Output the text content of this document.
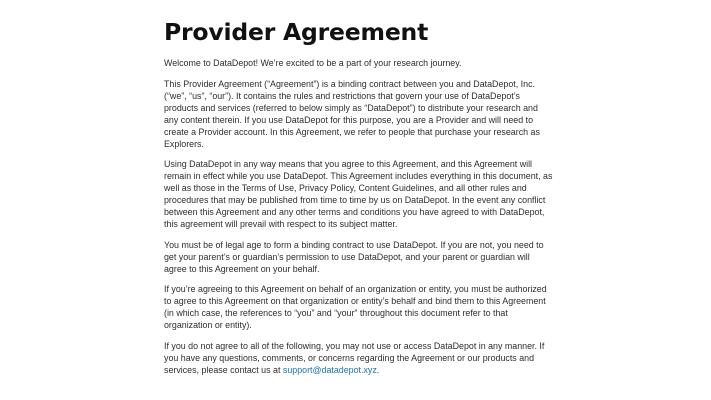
Provider Agreement

Welcome to DataDepot! We’re excited to be a part of your research journey.

This Provider Agreement (“Agreement”) is a binding contract between you and DataDepot, Inc. (“we”, “us”, “our”). It contains the rules and restrictions that govern your use of DataDepot’s products and services (referred to below simply as “DataDepot”) to distribute your research and any content therein. If you use DataDepot for this purpose, you are a Provider and will need to create a Provider account. In this Agreement, we refer to people that purchase your research as Explorers.

Using DataDepot in any way means that you agree to this Agreement, and this Agreement will remain in effect while you use DataDepot. This Agreement includes everything in this document, as well as those in the Terms of Use, Privacy Policy, Content Guidelines, and all other rules and procedures that may be published from time to time by us on DataDepot. In the event any conflict between this Agreement and any other terms and conditions you have agreed to with DataDepot, this agreement will prevail with respect to its subject matter.

You must be of legal age to form a binding contract to use DataDepot. If you are not, you need to get your parent’s or guardian’s permission to use DataDepot, and your parent or guardian will agree to this Agreement on your behalf.

If you’re agreeing to this Agreement on behalf of an organization or entity, you must be authorized to agree to this Agreement on that organization or entity’s behalf and bind them to this Agreement (in which case, the references to “you” and “your” throughout this document refer to that organization or entity).

If you do not agree to all of the following, you may not use or access DataDepot in any manner. If you have any questions, comments, or concerns regarding the Agreement or our products and services, please contact us at support@datadepot.xyz.
